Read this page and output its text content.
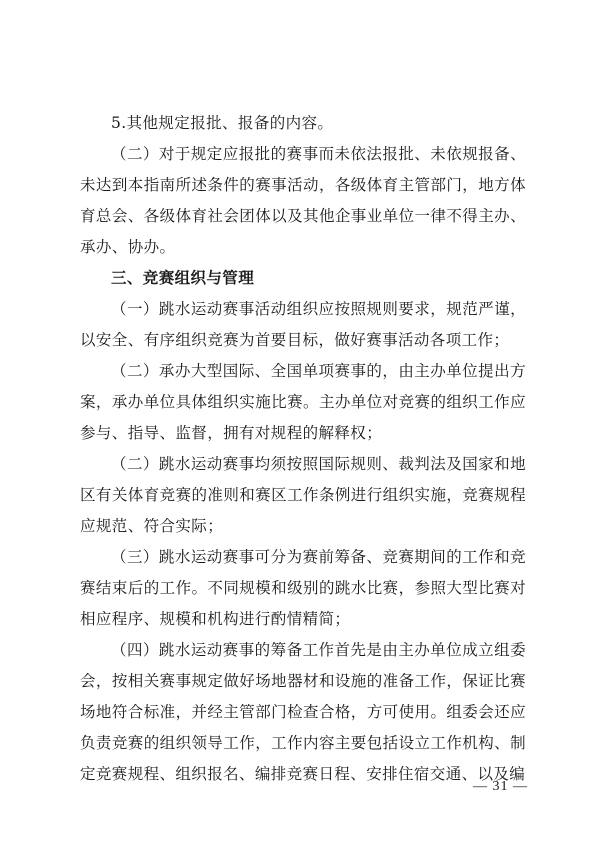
5.其他规定报批、报备的内容。

（二）对于规定应报批的赛事而未依法报批、未依规报备、未达到本指南所述条件的赛事活动，各级体育主管部门，地方体育总会、各级体育社会团体以及其他企事业单位一律不得主办、承办、协办。

三、竞赛组织与管理

（一）跳水运动赛事活动组织应按照规则要求，规范严谨，以安全、有序组织竞赛为首要目标，做好赛事活动各项工作；

（二）承办大型国际、全国单项赛事的，由主办单位提出方案，承办单位具体组织实施比赛。主办单位对竞赛的组织工作应参与、指导、监督，拥有对规程的解释权；

（二）跳水运动赛事均须按照国际规则、裁判法及国家和地区有关体育竞赛的准则和赛区工作条例进行组织实施，竞赛规程应规范、符合实际；

（三）跳水运动赛事可分为赛前筹备、竞赛期间的工作和竞赛结束后的工作。不同规模和级别的跳水比赛，参照大型比赛对相应程序、规模和机构进行酌情精简；

（四）跳水运动赛事的筹备工作首先是由主办单位成立组委会，按相关赛事规定做好场地器材和设施的准备工作，保证比赛场地符合标准，并经主管部门检查合格，方可使用。组委会还应负责竞赛的组织领导工作，工作内容主要包括设立工作机构、制定竞赛规程、组织报名、编排竞赛日程、安排住宿交通、以及编

— 31 —
